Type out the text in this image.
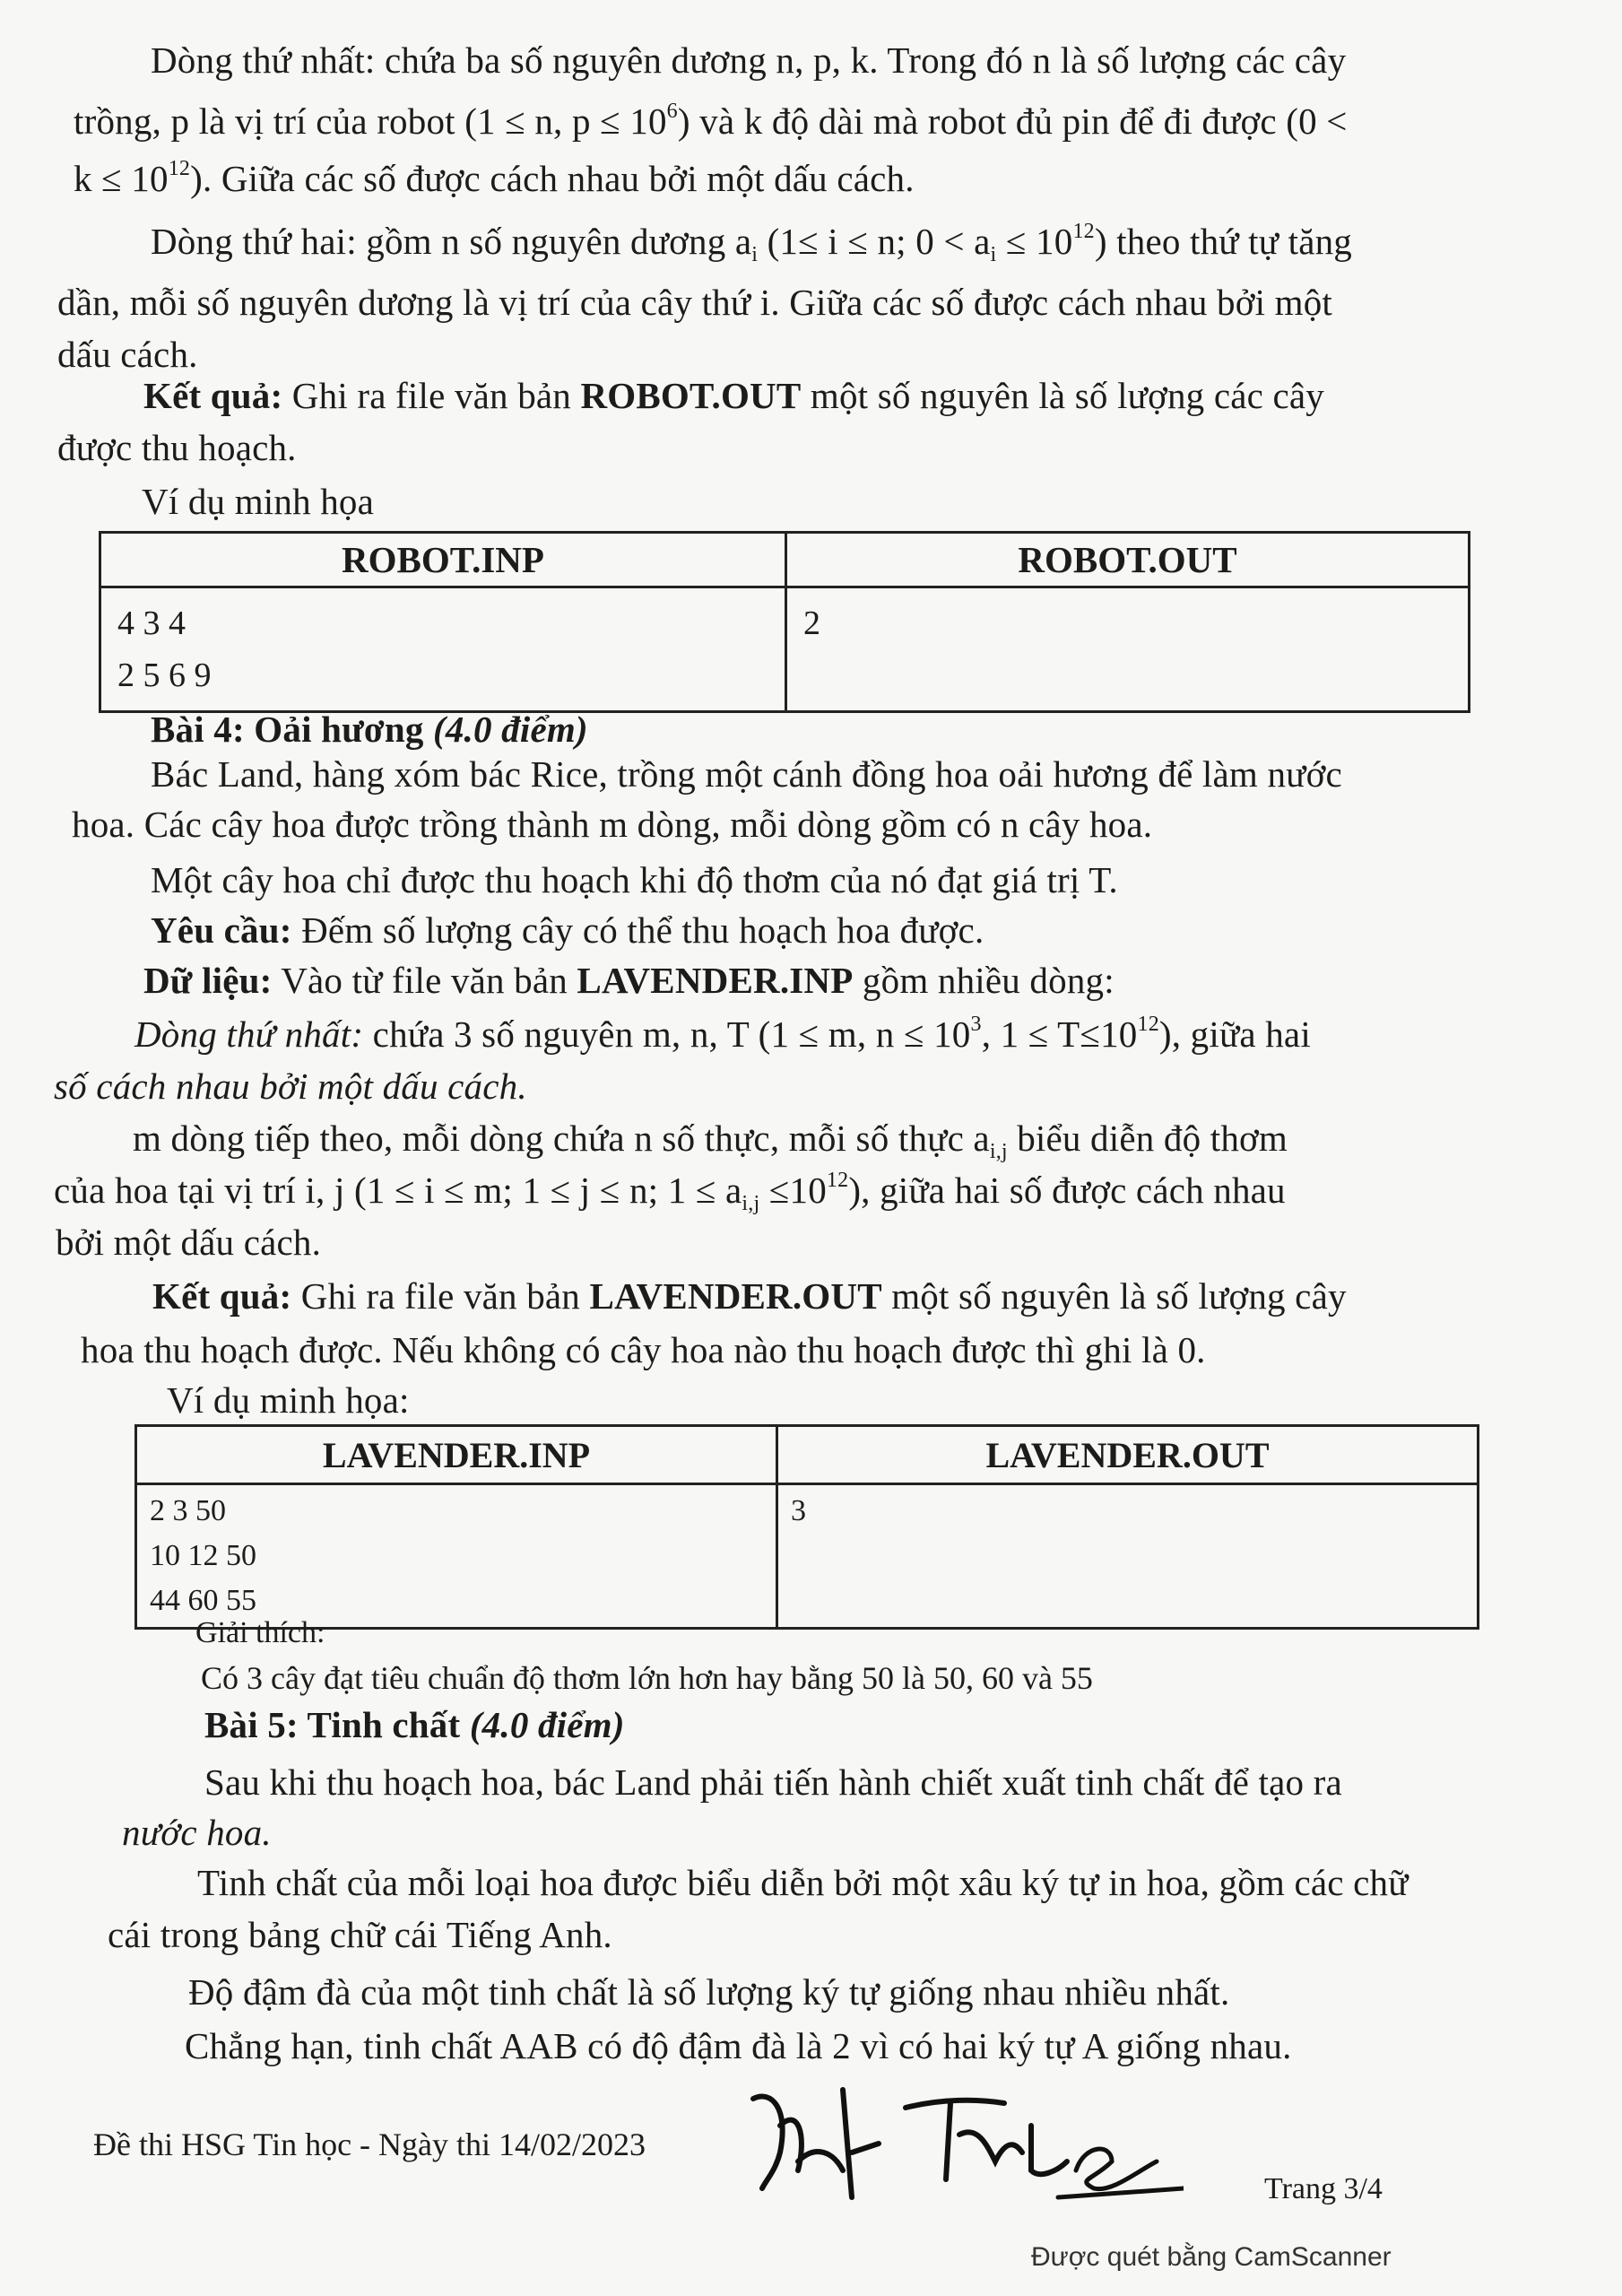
Dòng thứ nhất: chứa ba số nguyên dương n, p, k. Trong đó n là số lượng các cây
trồng, p là vị trí của robot (1 ≤ n, $p \le 10^6$) và k độ dài mà robot đủ pin để đi được (0 <
$k \le 10^{12}$). Giữa các số được cách nhau bởi một dấu cách.
Dòng thứ hai: gồm n số nguyên dương $a_i$ (1≤ i ≤ n; $0 < a_i \le 10^{12}$) theo thứ tự tăng
dần, mỗi số nguyên dương là vị trí của cây thứ i. Giữa các số được cách nhau bởi một
dấu cách.
Kết quả: Ghi ra file văn bản ROBOT.OUT một số nguyên là số lượng các cây
được thu hoạch.
Ví dụ minh họa
ROBOT.INP	ROBOT.OUT

4 3 4
2 5 6 9	2
Bài 4: Oải hương (4.0 điểm)
Bác Land, hàng xóm bác Rice, trồng một cánh đồng hoa oải hương để làm nước
hoa. Các cây hoa được trồng thành m dòng, mỗi dòng gồm có n cây hoa.
Một cây hoa chỉ được thu hoạch khi độ thơm của nó đạt giá trị T.
Yêu cầu: Đếm số lượng cây có thể thu hoạch hoa được.
Dữ liệu: Vào từ file văn bản LAVENDER.INP gồm nhiều dòng:
Dòng thứ nhất: chứa 3 số nguyên m, n, T (1 ≤ m, $n \le 10^3$, $1 \le T\le 10^{12}$), giữa hai
số cách nhau bởi một dấu cách.
m dòng tiếp theo, mỗi dòng chứa n số thực, mỗi số thực $a_{i,j}$ biểu diễn độ thơm
của hoa tại vị trí i, j (1 ≤ i ≤ m; 1 ≤ j ≤ n; $1 \le a_{i,j} \le 10^{12}$), giữa hai số được cách nhau
bởi một dấu cách.
Kết quả: Ghi ra file văn bản LAVENDER.OUT một số nguyên là số lượng cây
hoa thu hoạch được. Nếu không có cây hoa nào thu hoạch được thì ghi là 0.
Ví dụ minh họa:
LAVENDER.INP	LAVENDER.OUT

2 3 50
10 12 50
44 60 55	3
Giải thích:
Có 3 cây đạt tiêu chuẩn độ thơm lớn hơn hay bằng 50 là 50, 60 và 55
Bài 5: Tinh chất (4.0 điểm)
Sau khi thu hoạch hoa, bác Land phải tiến hành chiết xuất tinh chất để tạo ra
nước hoa.
Tinh chất của mỗi loại hoa được biểu diễn bởi một xâu ký tự in hoa, gồm các chữ
cái trong bảng chữ cái Tiếng Anh.
Độ đậm đà của một tinh chất là số lượng ký tự giống nhau nhiều nhất.
Chẳng hạn, tinh chất AAB có độ đậm đà là 2 vì có hai ký tự A giống nhau.
Đề thi HSG Tin học - Ngày thi 14/02/2023
Trang 3/4
Được quét bằng CamScanner
